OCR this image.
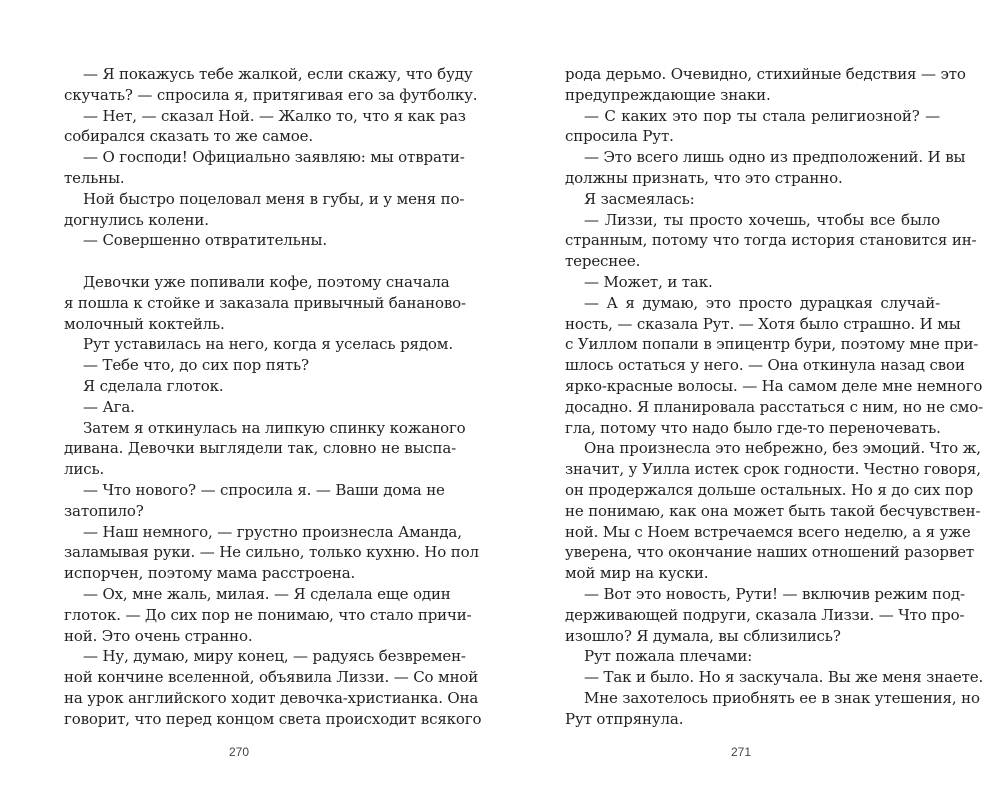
— Я покажусь тебе жалкой, если скажу, что буду
скучать? — спросила я, притягивая его за футболку.
— Нет, — сказал Ной. — Жалко то, что я как раз
собирался сказать то же самое.
— О господи! Официально заявляю: мы отврати-
тельны.
Ной быстро поцеловал меня в губы, и у меня по-
догнулись колени.
— Совершенно отвратительны.
Девочки уже попивали кофе, поэтому сначала
я пошла к стойке и заказала привычный бананово-
молочный коктейль.
Рут уставилась на него, когда я уселась рядом.
— Тебе что, до сих пор пять?
Я сделала глоток.
— Ага.
Затем я откинулась на липкую спинку кожаного
дивана. Девочки выглядели так, словно не выспа-
лись.
— Что нового? — спросила я. — Ваши дома не
затопило?
— Наш немного, — грустно произнесла Аманда,
заламывая руки. — Не сильно, только кухню. Но пол
испорчен, поэтому мама расстроена.
— Ох, мне жаль, милая. — Я сделала еще один
глоток. — До сих пор не понимаю, что стало причи-
ной. Это очень странно.
— Ну, думаю, миру конец, — радуясь безвремен-
ной кончине вселенной, объявила Лиззи. — Со мной
на урок английского ходит девочка-христианка. Она
говорит, что перед концом света происходит всякого
рода дерьмо. Очевидно, стихийные бедствия — это
предупреждающие знаки.
— С каких это пор ты стала религиозной? —
спросила Рут.
— Это всего лишь одно из предположений. И вы
должны признать, что это странно.
Я засмеялась:
— Лиззи, ты просто хочешь, чтобы все было
странным, потому что тогда история становится ин-
тереснее.
— Может, и так.
— А я думаю, это просто дурацкая случай-
ность, — сказала Рут. — Хотя было страшно. И мы
с Уиллом попали в эпицентр бури, поэтому мне при-
шлось остаться у него. — Она откинула назад свои
ярко-красные волосы. — На самом деле мне немного
досадно. Я планировала расстаться с ним, но не смо-
гла, потому что надо было где-то переночевать.
Она произнесла это небрежно, без эмоций. Что ж,
значит, у Уилла истек срок годности. Честно говоря,
он продержался дольше остальных. Но я до сих пор
не понимаю, как она может быть такой бесчувствен-
ной. Мы с Ноем встречаемся всего неделю, а я уже
уверена, что окончание наших отношений разорвет
мой мир на куски.
— Вот это новость, Рути! — включив режим под-
держивающей подруги, сказала Лиззи. — Что про-
изошло? Я думала, вы сблизились?
Рут пожала плечами:
— Так и было. Но я заскучала. Вы же меня знаете.
Мне захотелось приобнять ее в знак утешения, но
Рут отпрянула.
270	271
